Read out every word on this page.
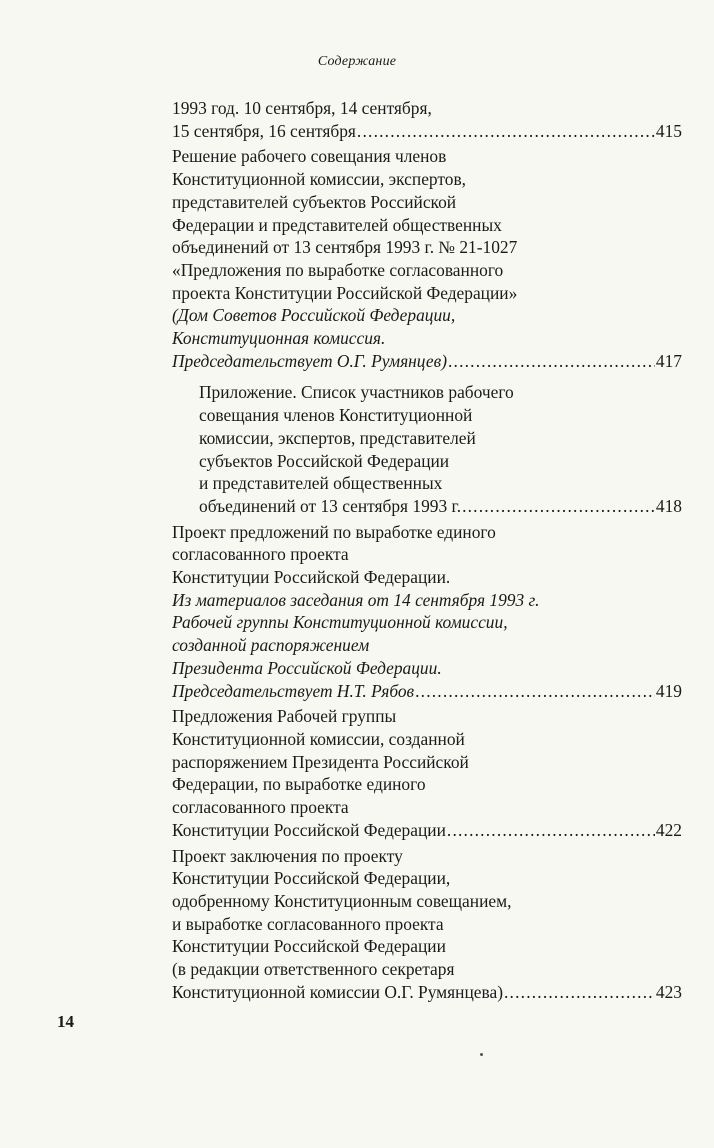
Содержание
1993 год. 10 сентября, 14 сентября,
15 сентября, 16 сентября .....	415
Решение рабочего совещания членов
Конституционной комиссии, экспертов,
представителей субъектов Российской
Федерации и представителей общественных
объединений от 13 сентября 1993 г. № 21-1027
«Предложения по выработке согласованного
проекта Конституции Российской Федерации»
(Дом Советов Российской Федерации,
Конституционная комиссия.
Председательствует О.Г. Румянцев) .....	417
Приложение. Список участников рабочего
совещания членов Конституционной
комиссии, экспертов, представителей
субъектов Российской Федерации
и представителей общественных
объединений от 13 сентября 1993 г. .....	418
Проект предложений по выработке единого
согласованного проекта
Конституции Российской Федерации.
Из материалов заседания от 14 сентября 1993 г.
Рабочей группы Конституционной комиссии,
созданной распоряжением
Президента Российской Федерации.
Председательствует Н.Т. Рябов .....	419
Предложения Рабочей группы
Конституционной комиссии, созданной
распоряжением Президента Российской
Федерации, по выработке единого
согласованного проекта
Конституции Российской Федерации .....	422
Проект заключения по проекту
Конституции Российской Федерации,
одобренному Конституционным совещанием,
и выработке согласованного проекта
Конституции Российской Федерации
(в редакции ответственного секретаря
Конституционной комиссии О.Г. Румянцева) .....	423
14
